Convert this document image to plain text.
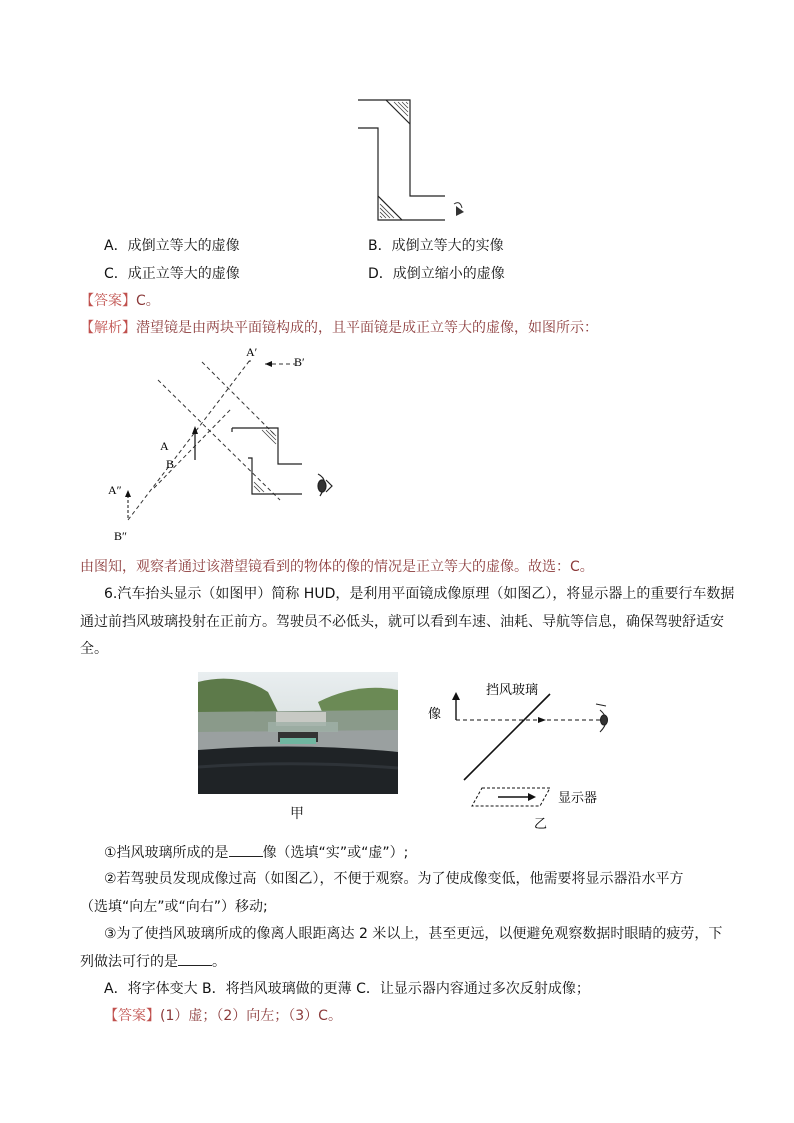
A．成倒立等大的虚像	B．成倒立等大的实像
C．成正立等大的虚像	D．成倒立缩小的虚像
【答案】C。
【解析】潜望镜是由两块平面镜构成的，且平面镜是成正立等大的虚像，如图所示：
A′
B′
A
B
A″
B″
由图知，观察者通过该潜望镜看到的物体的像的情况是正立等大的虚像。故选：C。
6.汽车抬头显示（如图甲）简称 HUD，是利用平面镜成像原理（如图乙），将显示器上的重要行车数据
通过前挡风玻璃投射在正前方。驾驶员不必低头，就可以看到车速、油耗、导航等信息，确保驾驶舒适安
全。
甲
像
挡风玻璃
显示器
乙
①挡风玻璃所成的是 像（选填“实”或“虚”）;
②若驾驶员发现成像过高（如图乙），不便于观察。为了使成像变低，他需要将显示器沿水平方
（选填“向左”或“向右”）移动;
③为了使挡风玻璃所成的像离人眼距离达 2 米以上，甚至更远，以便避免观察数据时眼睛的疲劳，下
列做法可行的是 。
A．将字体变大 B．将挡风玻璃做的更薄 C．让显示器内容通过多次反射成像；
【答案】(1）虚；（2）向左；（3）C。
